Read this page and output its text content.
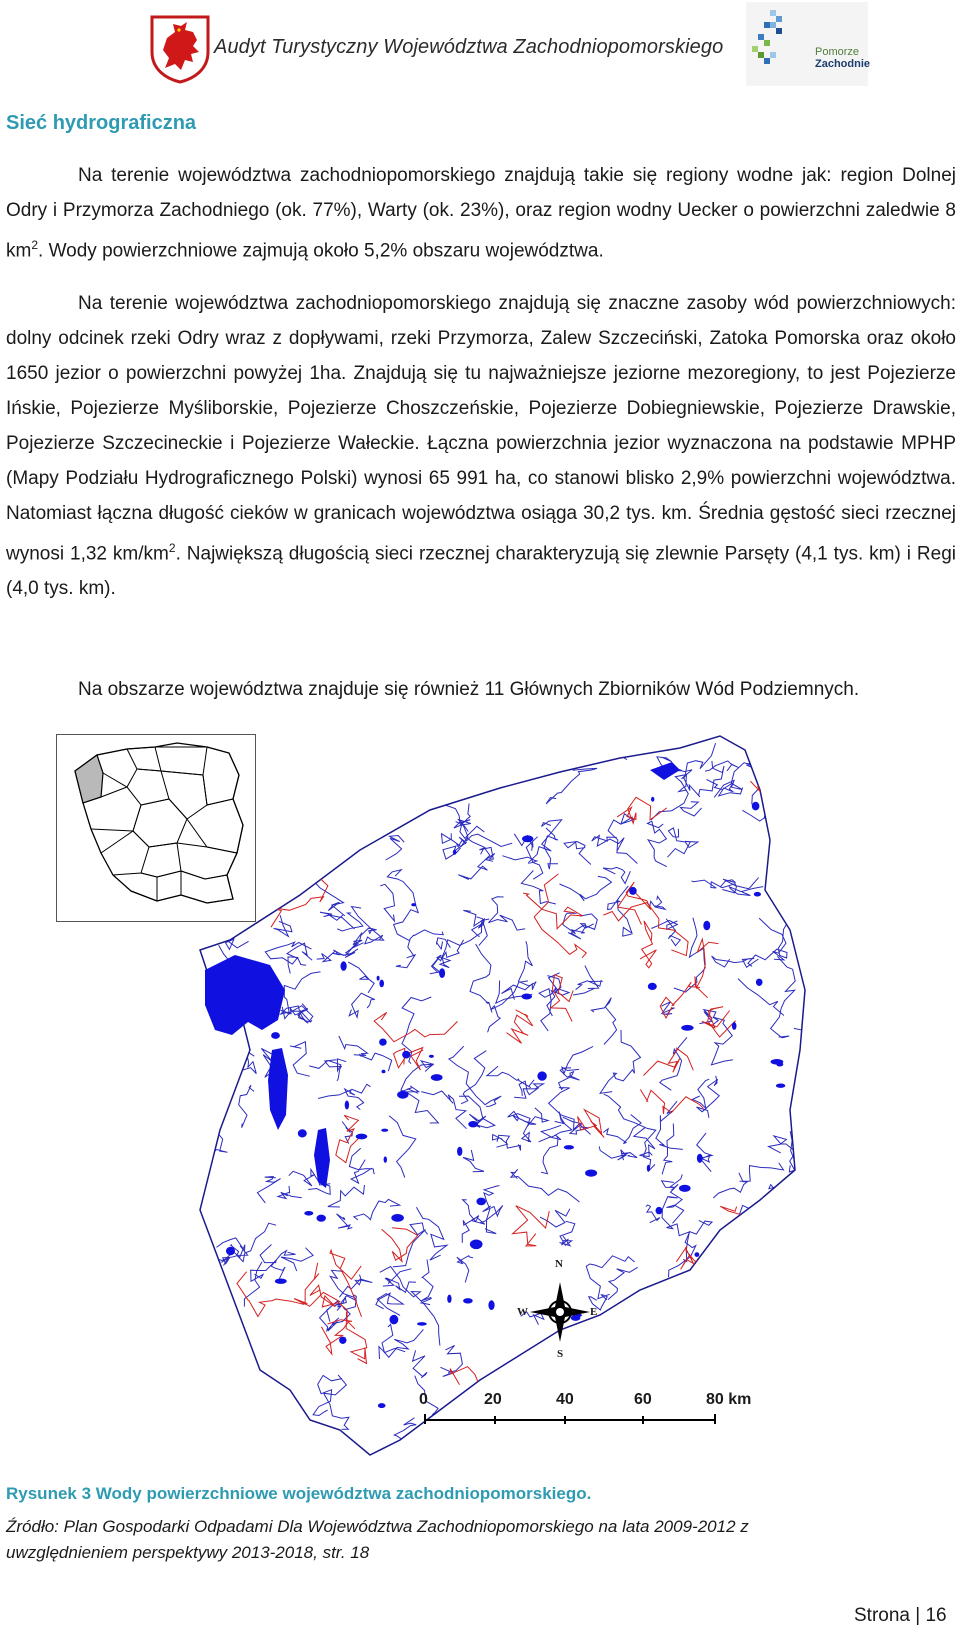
Audyt Turystyczny Województwa Zachodniopomorskiego	Pomorze
Zachodnie
Sieć hydrograficzna

Na terenie województwa zachodniopomorskiego znajdują takie się regiony wodne jak: region Dolnej Odry i Przymorza Zachodniego (ok. 77%), Warty (ok. 23%), oraz region wodny Uecker o powierzchni zaledwie 8 $km^2$. Wody powierzchniowe zajmują około 5,2% obszaru województwa.

Na terenie województwa zachodniopomorskiego znajdują się znaczne zasoby wód powierzchniowych: dolny odcinek rzeki Odry wraz z dopływami, rzeki Przymorza, Zalew Szczeciński, Zatoka Pomorska oraz około 1650 jezior o powierzchni powyżej 1ha. Znajdują się tu najważniejsze jeziorne mezoregiony, to jest Pojezierze Ińskie, Pojezierze Myśliborskie, Pojezierze Choszczeńskie, Pojezierze Dobiegniewskie, Pojezierze Drawskie, Pojezierze Szczecineckie i Pojezierze Wałeckie. Łączna powierzchnia jezior wyznaczona na podstawie MPHP (Mapy Podziału Hydrograficznego Polski) wynosi 65 991 ha, co stanowi blisko 2,9% powierzchni województwa. Natomiast łączna długość cieków w granicach województwa osiąga 30,2 tys. km. Średnia gęstość sieci rzecznej wynosi 1,32 $km/km^2$. Największą długością sieci rzecznej charakteryzują się zlewnie Parsęty (4,1 tys. km) i Regi (4,0 tys. km).

Na obszarze województwa znajduje się również 11 Głównych Zbiorników Wód Podziemnych.

N
S
E
W
0	20	40	60	80 km
Rysunek 3 Wody powierzchniowe województwa zachodniopomorskiego.
Źródło: Plan Gospodarki Odpadami Dla Województwa Zachodniopomorskiego na lata 2009-2012 z
uwzględnieniem perspektywy 2013-2018, str. 18
Strona | 16
